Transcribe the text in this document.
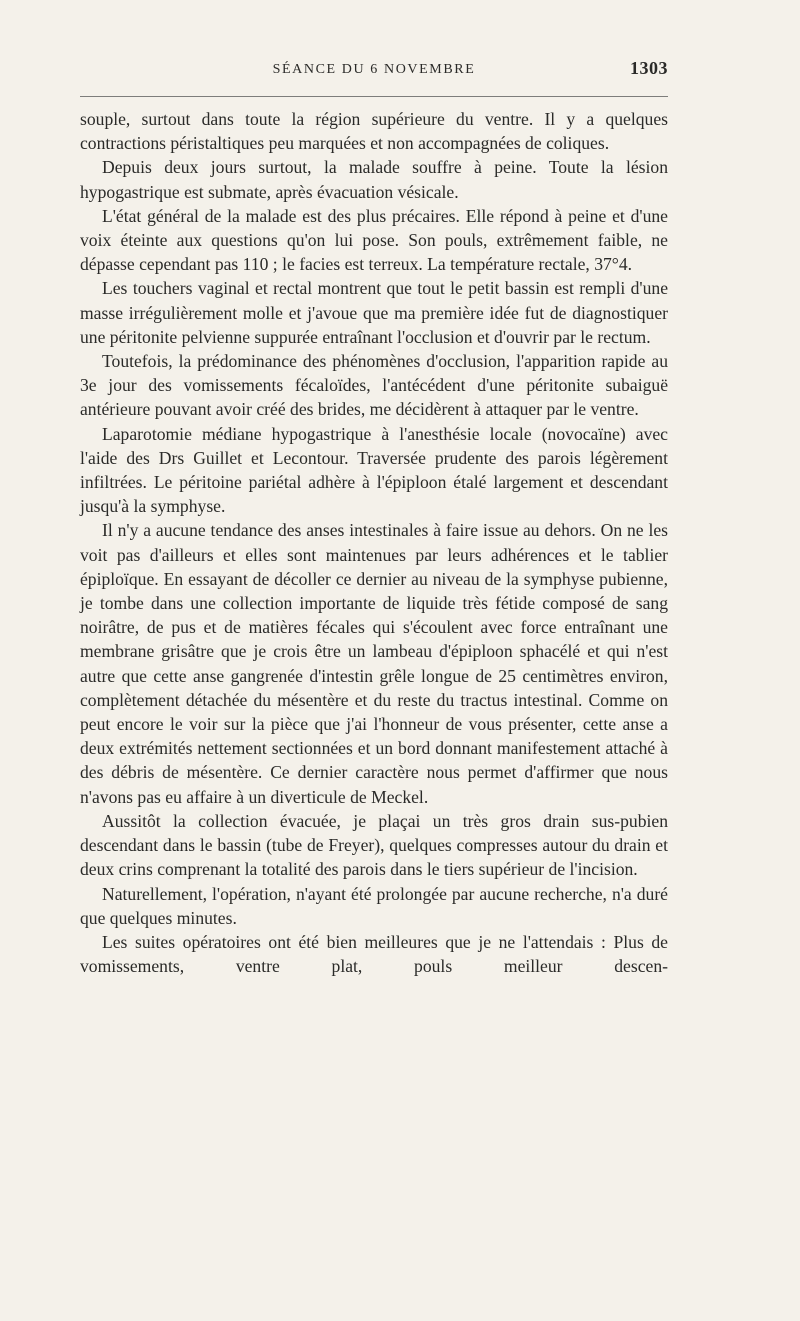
SÉANCE DU 6 NOVEMBRE	1303

souple, surtout dans toute la région supérieure du ventre. Il y a quelques contractions péristaltiques peu marquées et non accompagnées de coliques.

Depuis deux jours surtout, la malade souffre à peine. Toute la lésion hypogastrique est submate, après évacuation vésicale.

L'état général de la malade est des plus précaires. Elle répond à peine et d'une voix éteinte aux questions qu'on lui pose. Son pouls, extrêmement faible, ne dépasse cependant pas 110 ; le facies est terreux. La température rectale, 37°4.

Les touchers vaginal et rectal montrent que tout le petit bassin est rempli d'une masse irrégulièrement molle et j'avoue que ma première idée fut de diagnostiquer une péritonite pelvienne suppurée entraînant l'occlusion et d'ouvrir par le rectum.

Toutefois, la prédominance des phénomènes d'occlusion, l'apparition rapide au 3e jour des vomissements fécaloïdes, l'antécédent d'une péritonite subaiguë antérieure pouvant avoir créé des brides, me décidèrent à attaquer par le ventre.

Laparotomie médiane hypogastrique à l'anesthésie locale (novocaïne) avec l'aide des Drs Guillet et Lecontour. Traversée prudente des parois légèrement infiltrées. Le péritoine pariétal adhère à l'épiploon étalé largement et descendant jusqu'à la symphyse.

Il n'y a aucune tendance des anses intestinales à faire issue au dehors. On ne les voit pas d'ailleurs et elles sont maintenues par leurs adhérences et le tablier épiploïque. En essayant de décoller ce dernier au niveau de la symphyse pubienne, je tombe dans une collection importante de liquide très fétide composé de sang noirâtre, de pus et de matières fécales qui s'écoulent avec force entraînant une membrane grisâtre que je crois être un lambeau d'épiploon sphacélé et qui n'est autre que cette anse gangrenée d'intestin grêle longue de 25 centimètres environ, complètement détachée du mésentère et du reste du tractus intestinal. Comme on peut encore le voir sur la pièce que j'ai l'honneur de vous présenter, cette anse a deux extrémités nettement sectionnées et un bord donnant manifestement attaché à des débris de mésentère. Ce dernier caractère nous permet d'affirmer que nous n'avons pas eu affaire à un diverticule de Meckel.

Aussitôt la collection évacuée, je plaçai un très gros drain sus-pubien descendant dans le bassin (tube de Freyer), quelques compresses autour du drain et deux crins comprenant la totalité des parois dans le tiers supérieur de l'incision.

Naturellement, l'opération, n'ayant été prolongée par aucune recherche, n'a duré que quelques minutes.

Les suites opératoires ont été bien meilleures que je ne l'attendais : Plus de vomissements, ventre plat, pouls meilleur descen-
